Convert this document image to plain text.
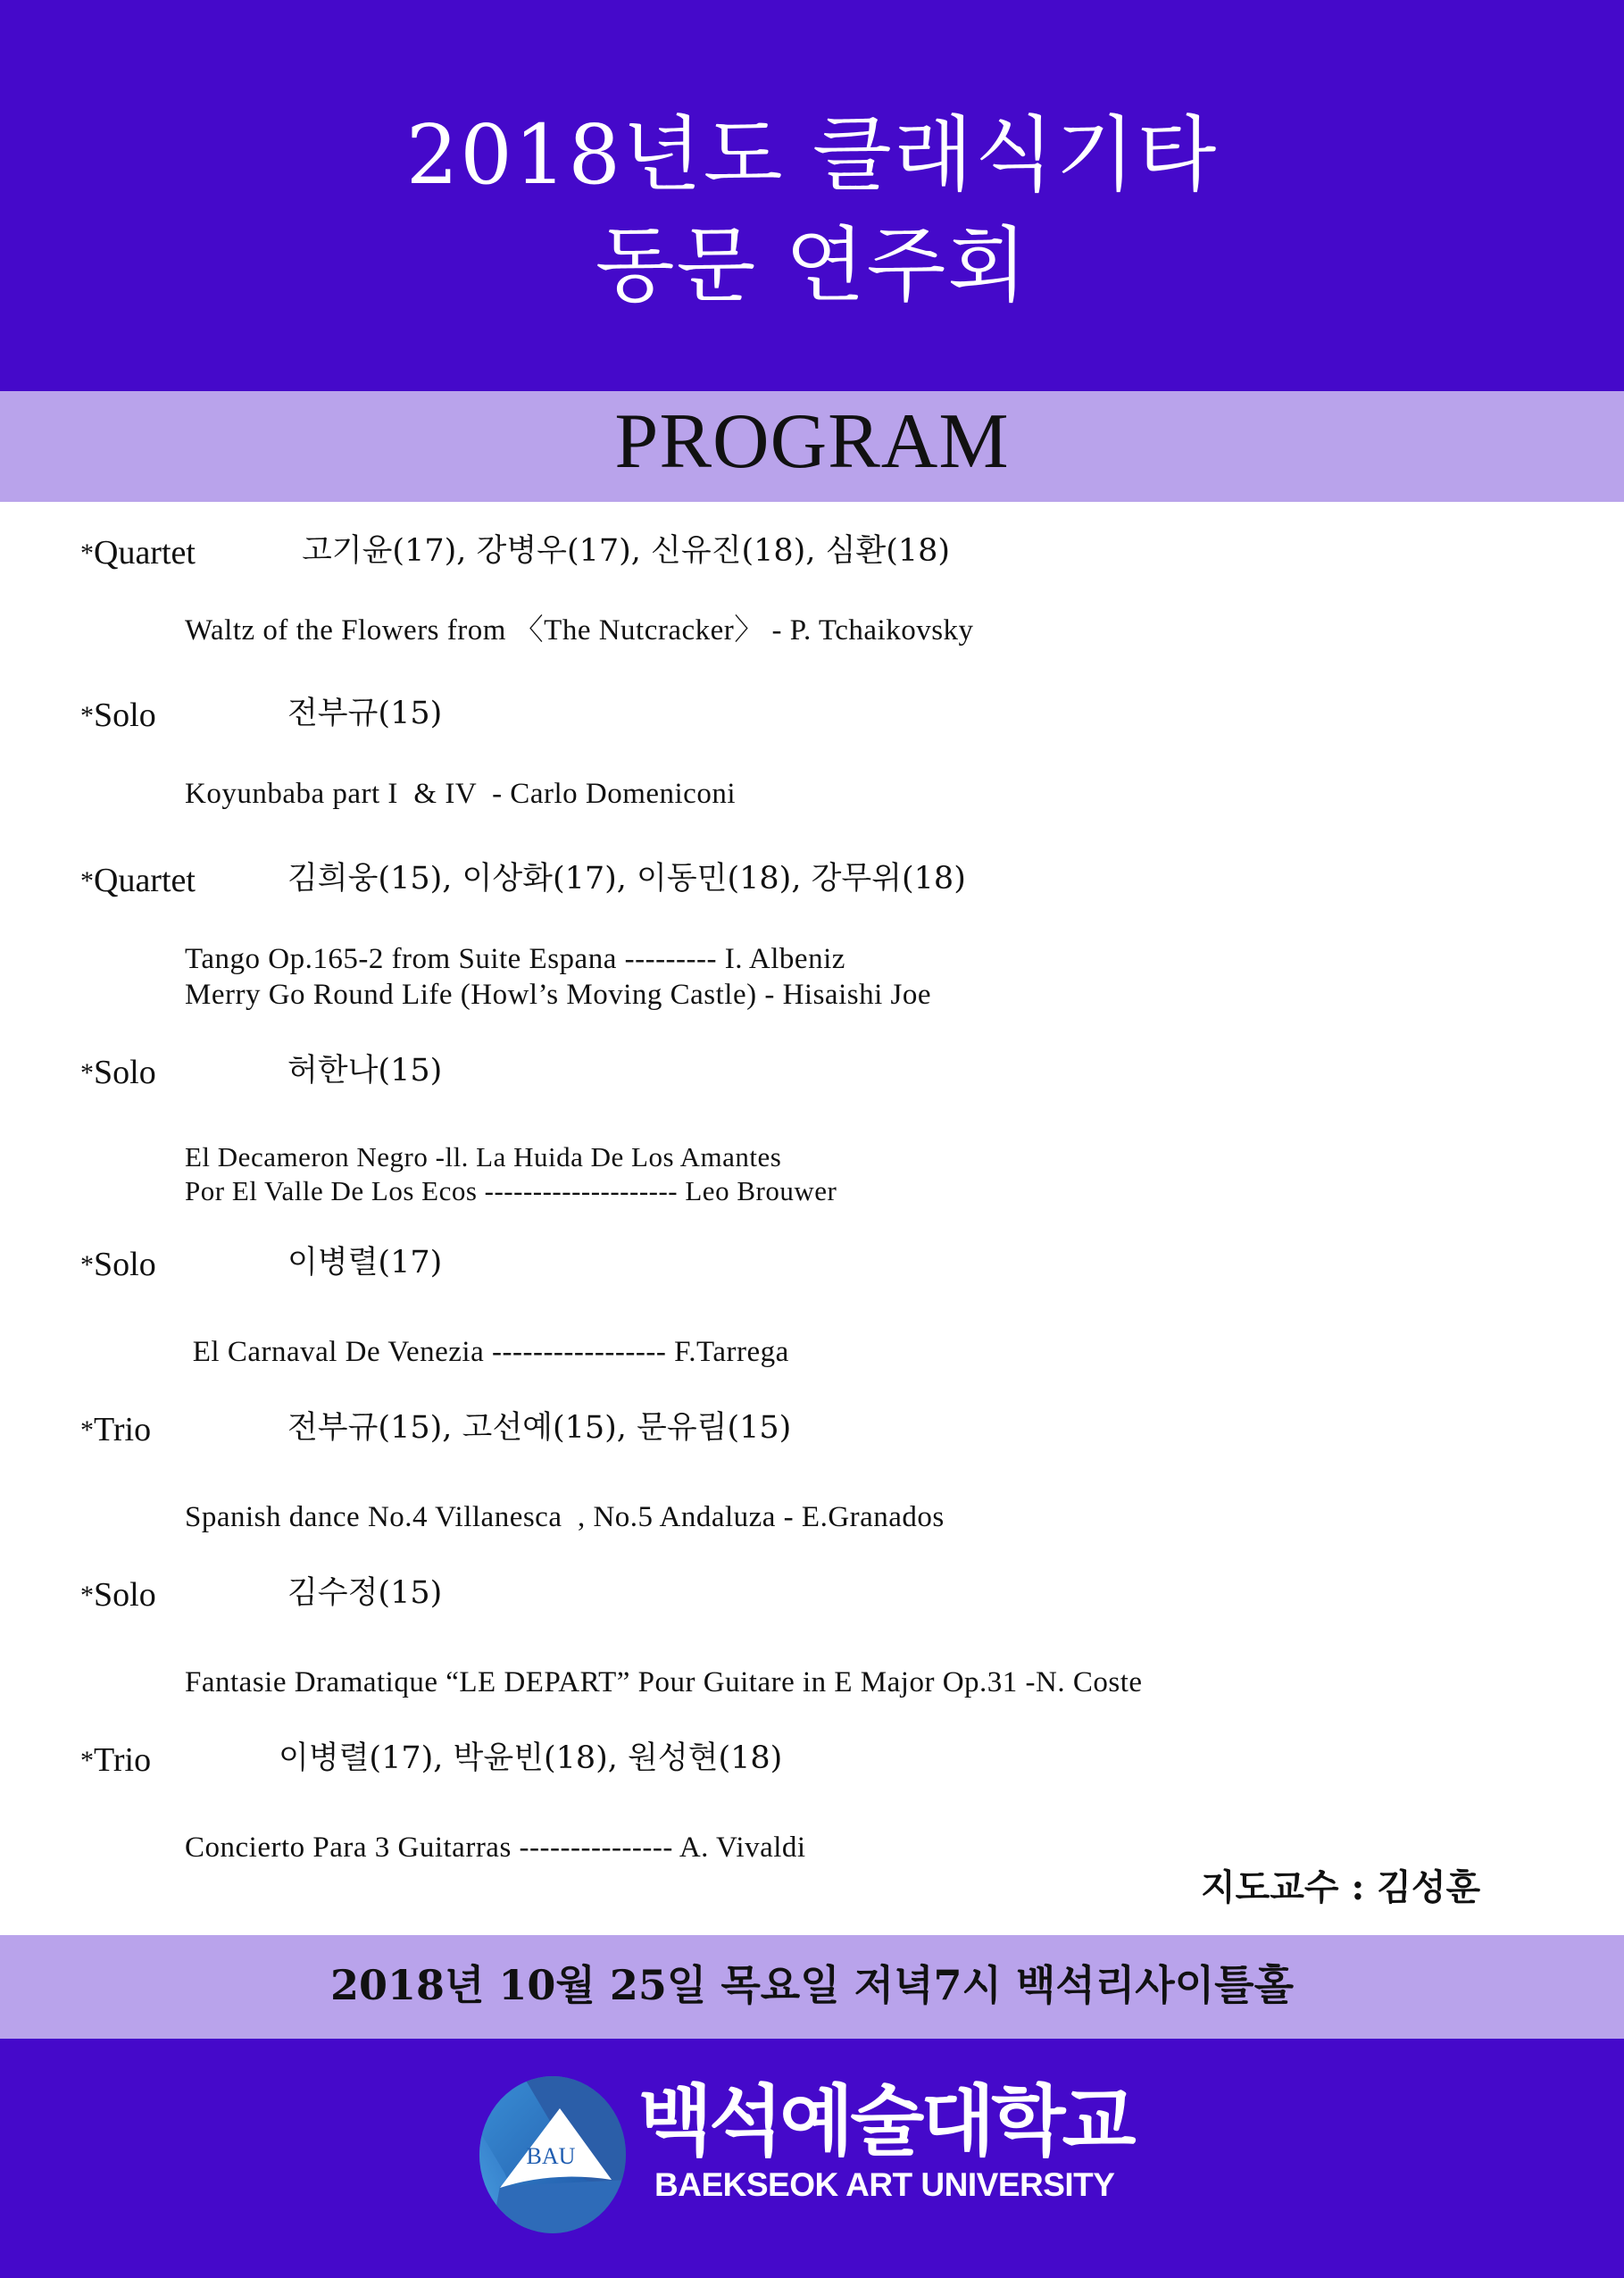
2018년도 클래식기타
동문 연주회
PROGRAM
*Quartet	고기윤(17), 강병우(17), 신유진(18), 심환(18)
Waltz of the Flowers from 〈The Nutcracker〉 - P. Tchaikovsky
*Solo	전부규(15)
Koyunbaba part I  & IV  - Carlo Domeniconi
*Quartet	김희웅(15), 이상화(17), 이동민(18), 강무위(18)
Tango Op.165-2 from Suite Espana --------- I. Albeniz
Merry Go Round Life (Howl’s Moving Castle) - Hisaishi Joe
*Solo	허한나(15)
El Decameron Negro -ll. La Huida De Los Amantes
Por El Valle De Los Ecos -------------------- Leo Brouwer
*Solo	이병렬(17)
El Carnaval De Venezia ----------------- F.Tarrega
*Trio	전부규(15), 고선예(15), 문유림(15)
Spanish dance No.4 Villanesca  , No.5 Andaluza - E.Granados
*Solo	김수정(15)
Fantasie Dramatique “LE DEPART” Pour Guitare in E Major Op.31 -N. Coste
*Trio	이병렬(17), 박윤빈(18), 원성현(18)
Concierto Para 3 Guitarras --------------- A. Vivaldi
지도교수 : 김성훈
2018년 10월 25일 목요일 저녁7시 백석리사이틀홀
BAU 백석예술대학교
BAEKSEOK ART UNIVERSITY
